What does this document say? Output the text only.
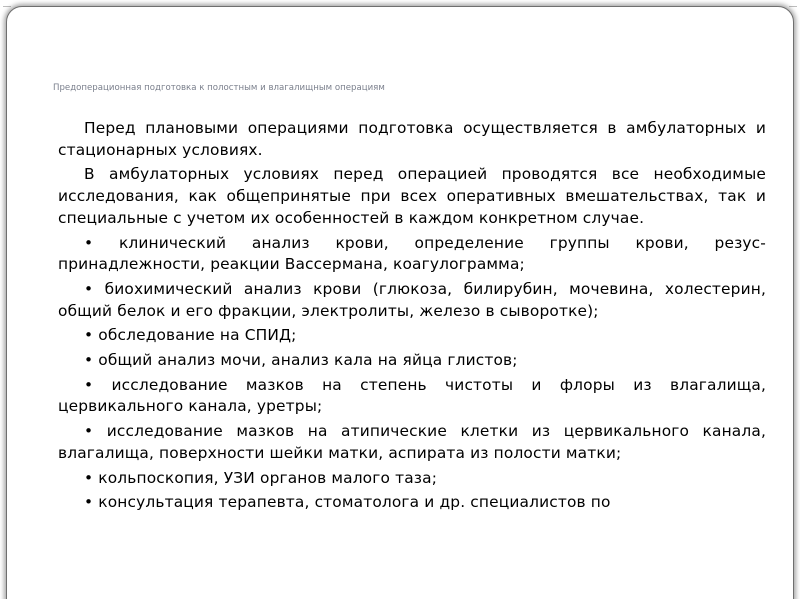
Предоперационная подготовка к полостным и влагалищным операциям
Перед плановыми операциями подготовка осуществляется в амбулаторных и стационарных условиях.
В амбулаторных условиях перед операцией проводятся все необходимые исследования, как общепринятые при всех оперативных вмешательствах, так и специальные с учетом их особенностей в каждом конкретном случае.
• клинический анализ крови, определение группы крови, резус-принадлежности, реакции Вассермана, коагулограмма;
• биохимический анализ крови (глюкоза, билирубин, мочевина, холестерин, общий белок и его фракции, электролиты, железо в сыворотке);
• обследование на СПИД;
• общий анализ мочи, анализ кала на яйца глистов;
• исследование мазков на степень чистоты и флоры из влагалища, цервикального канала, уретры;
• исследование мазков на атипические клетки из цервикального канала, влагалища, поверхности шейки матки, аспирата из полости матки;
• кольпоскопия, УЗИ органов малого таза;
• консультация терапевта, стоматолога и др. специалистов по
